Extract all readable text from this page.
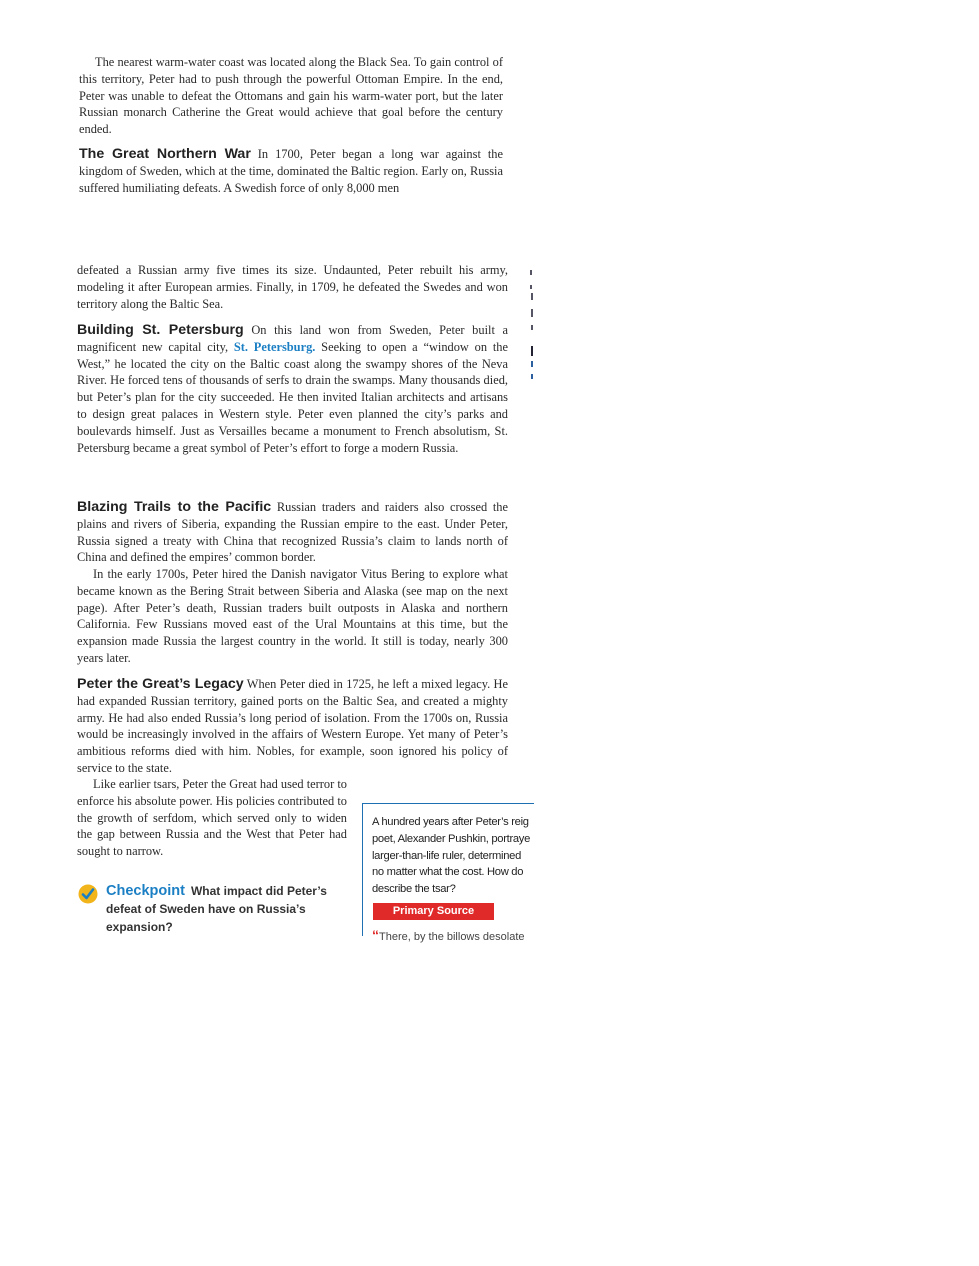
The nearest warm-water coast was located along the Black Sea. To gain control of this territory, Peter had to push through the powerful Ottoman Empire. In the end, Peter was unable to defeat the Ottomans and gain his warm-water port, but the later Russian monarch Catherine the Great would achieve that goal before the century ended.

The Great Northern War In 1700, Peter began a long war against the kingdom of Sweden, which at the time, dominated the Baltic region. Early on, Russia suffered humiliating defeats. A Swedish force of only 8,000 men

defeated a Russian army five times its size. Undaunted, Peter rebuilt his army, modeling it after European armies. Finally, in 1709, he defeated the Swedes and won territory along the Baltic Sea.

Building St. Petersburg On this land won from Sweden, Peter built a magnificent new capital city, St. Petersburg. Seeking to open a “window on the West,” he located the city on the Baltic coast along the swampy shores of the Neva River. He forced tens of thousands of serfs to drain the swamps. Many thousands died, but Peter’s plan for the city succeeded. He then invited Italian architects and artisans to design great palaces in Western style. Peter even planned the city’s parks and boulevards himself. Just as Versailles became a monument to French absolutism, St. Petersburg became a great symbol of Peter’s effort to forge a modern Russia.

Blazing Trails to the Pacific Russian traders and raiders also crossed the plains and rivers of Siberia, expanding the Russian empire to the east. Under Peter, Russia signed a treaty with China that recognized Russia’s claim to lands north of China and defined the empires’ common border.

In the early 1700s, Peter hired the Danish navigator Vitus Bering to explore what became known as the Bering Strait between Siberia and Alaska (see map on the next page). After Peter’s death, Russian traders built outposts in Alaska and northern California. Few Russians moved east of the Ural Mountains at this time, but the expansion made Russia the largest country in the world. It still is today, nearly 300 years later.

Peter the Great’s Legacy When Peter died in 1725, he left a mixed legacy. He had expanded Russian territory, gained ports on the Baltic Sea, and created a mighty army. He had also ended Russia’s long period of isolation. From the 1700s on, Russia would be increasingly involved in the affairs of Western Europe. Yet many of Peter’s ambitious reforms died with him. Nobles, for example, soon ignored his policy of service to the state.

Like earlier tsars, Peter the Great had used terror to enforce his absolute power. His policies contributed to the growth of serfdom, which served only to widen the gap between Russia and the West that Peter had sought to narrow.

Checkpoint What impact did Peter’s defeat of Sweden have on Russia’s expansion?
A hundred years after Peter’s reig
poet, Alexander Pushkin, portraye
larger-than-life ruler, determined
no matter what the cost. How do
describe the tsar?
Primary Source
“There, by the billows desolate
